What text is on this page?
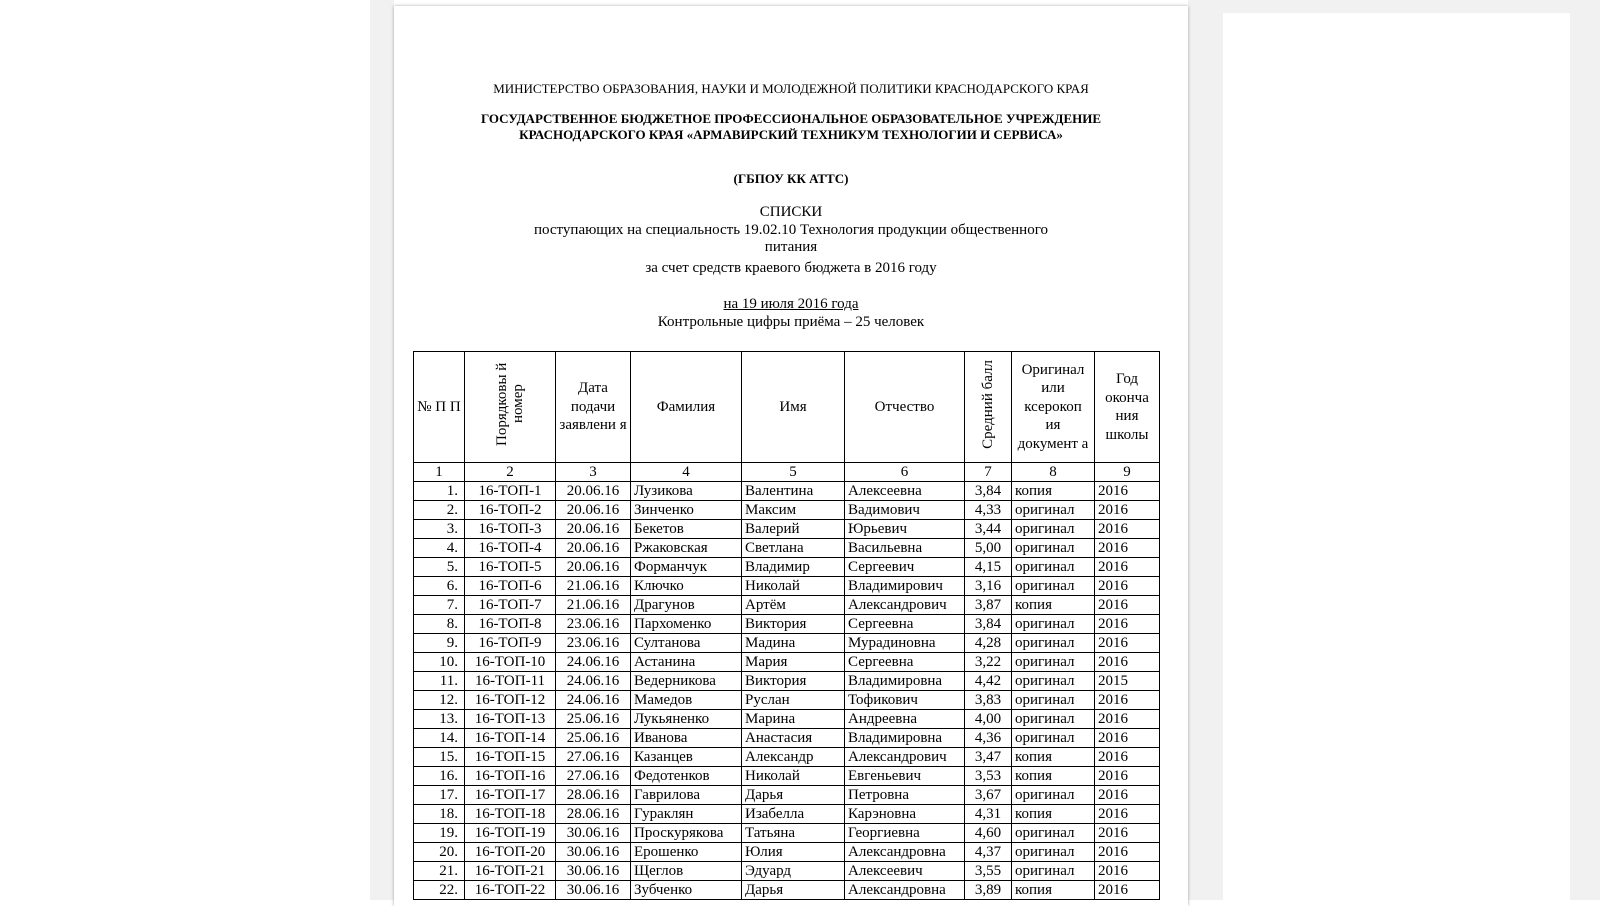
МИНИСТЕРСТВО ОБРАЗОВАНИЯ, НАУКИ И МОЛОДЕЖНОЙ ПОЛИТИКИ КРАСНОДАРСКОГО КРАЯ
ГОСУДАРСТВЕННОЕ БЮДЖЕТНОЕ ПРОФЕССИОНАЛЬНОЕ ОБРАЗОВАТЕЛЬНОЕ УЧРЕЖДЕНИЕ КРАСНОДАРСКОГО КРАЯ «АРМАВИРСКИЙ ТЕХНИКУМ ТЕХНОЛОГИИ И СЕРВИСА»
(ГБПОУ КК АТТС)
СПИСКИ
поступающих на специальность 19.02.10 Технология продукции общественного питания
за счет средств краевого бюджета в 2016 году
на 19 июля 2016 года
Контрольные цифры приёма – 25 человек
№ П П	Порядковы й номер	Дата подачи заявлени я	Фамилия	Имя	Отчество	Средний балл	Оригинал или ксерокоп ия документ а	Год оконча ния школы
1	2	3	4	5	6	7	8	9
1.	16-ТОП-1	20.06.16	Лузикова	Валентина	Алексеевна	3,84	копия	2016
2.	16-ТОП-2	20.06.16	Зинченко	Максим	Вадимович	4,33	оригинал	2016
3.	16-ТОП-3	20.06.16	Бекетов	Валерий	Юрьевич	3,44	оригинал	2016
4.	16-ТОП-4	20.06.16	Ржаковская	Светлана	Васильевна	5,00	оригинал	2016
5.	16-ТОП-5	20.06.16	Форманчук	Владимир	Сергеевич	4,15	оригинал	2016
6.	16-ТОП-6	21.06.16	Ключко	Николай	Владимирович	3,16	оригинал	2016
7.	16-ТОП-7	21.06.16	Драгунов	Артём	Александрович	3,87	копия	2016
8.	16-ТОП-8	23.06.16	Пархоменко	Виктория	Сергеевна	3,84	оригинал	2016
9.	16-ТОП-9	23.06.16	Султанова	Мадина	Мурадиновна	4,28	оригинал	2016
10.	16-ТОП-10	24.06.16	Астанина	Мария	Сергеевна	3,22	оригинал	2016
11.	16-ТОП-11	24.06.16	Ведерникова	Виктория	Владимировна	4,42	оригинал	2015
12.	16-ТОП-12	24.06.16	Мамедов	Руслан	Тофикович	3,83	оригинал	2016
13.	16-ТОП-13	25.06.16	Лукьяненко	Марина	Андреевна	4,00	оригинал	2016
14.	16-ТОП-14	25.06.16	Иванова	Анастасия	Владимировна	4,36	оригинал	2016
15.	16-ТОП-15	27.06.16	Казанцев	Александр	Александрович	3,47	копия	2016
16.	16-ТОП-16	27.06.16	Федотенков	Николай	Евгеньевич	3,53	копия	2016
17.	16-ТОП-17	28.06.16	Гаврилова	Дарья	Петровна	3,67	оригинал	2016
18.	16-ТОП-18	28.06.16	Гураклян	Изабелла	Карэновна	4,31	копия	2016
19.	16-ТОП-19	30.06.16	Проскурякова	Татьяна	Георгиевна	4,60	оригинал	2016
20.	16-ТОП-20	30.06.16	Ерошенко	Юлия	Александровна	4,37	оригинал	2016
21.	16-ТОП-21	30.06.16	Щеглов	Эдуард	Алексеевич	3,55	оригинал	2016
22.	16-ТОП-22	30.06.16	Зубченко	Дарья	Александровна	3,89	копия	2016
